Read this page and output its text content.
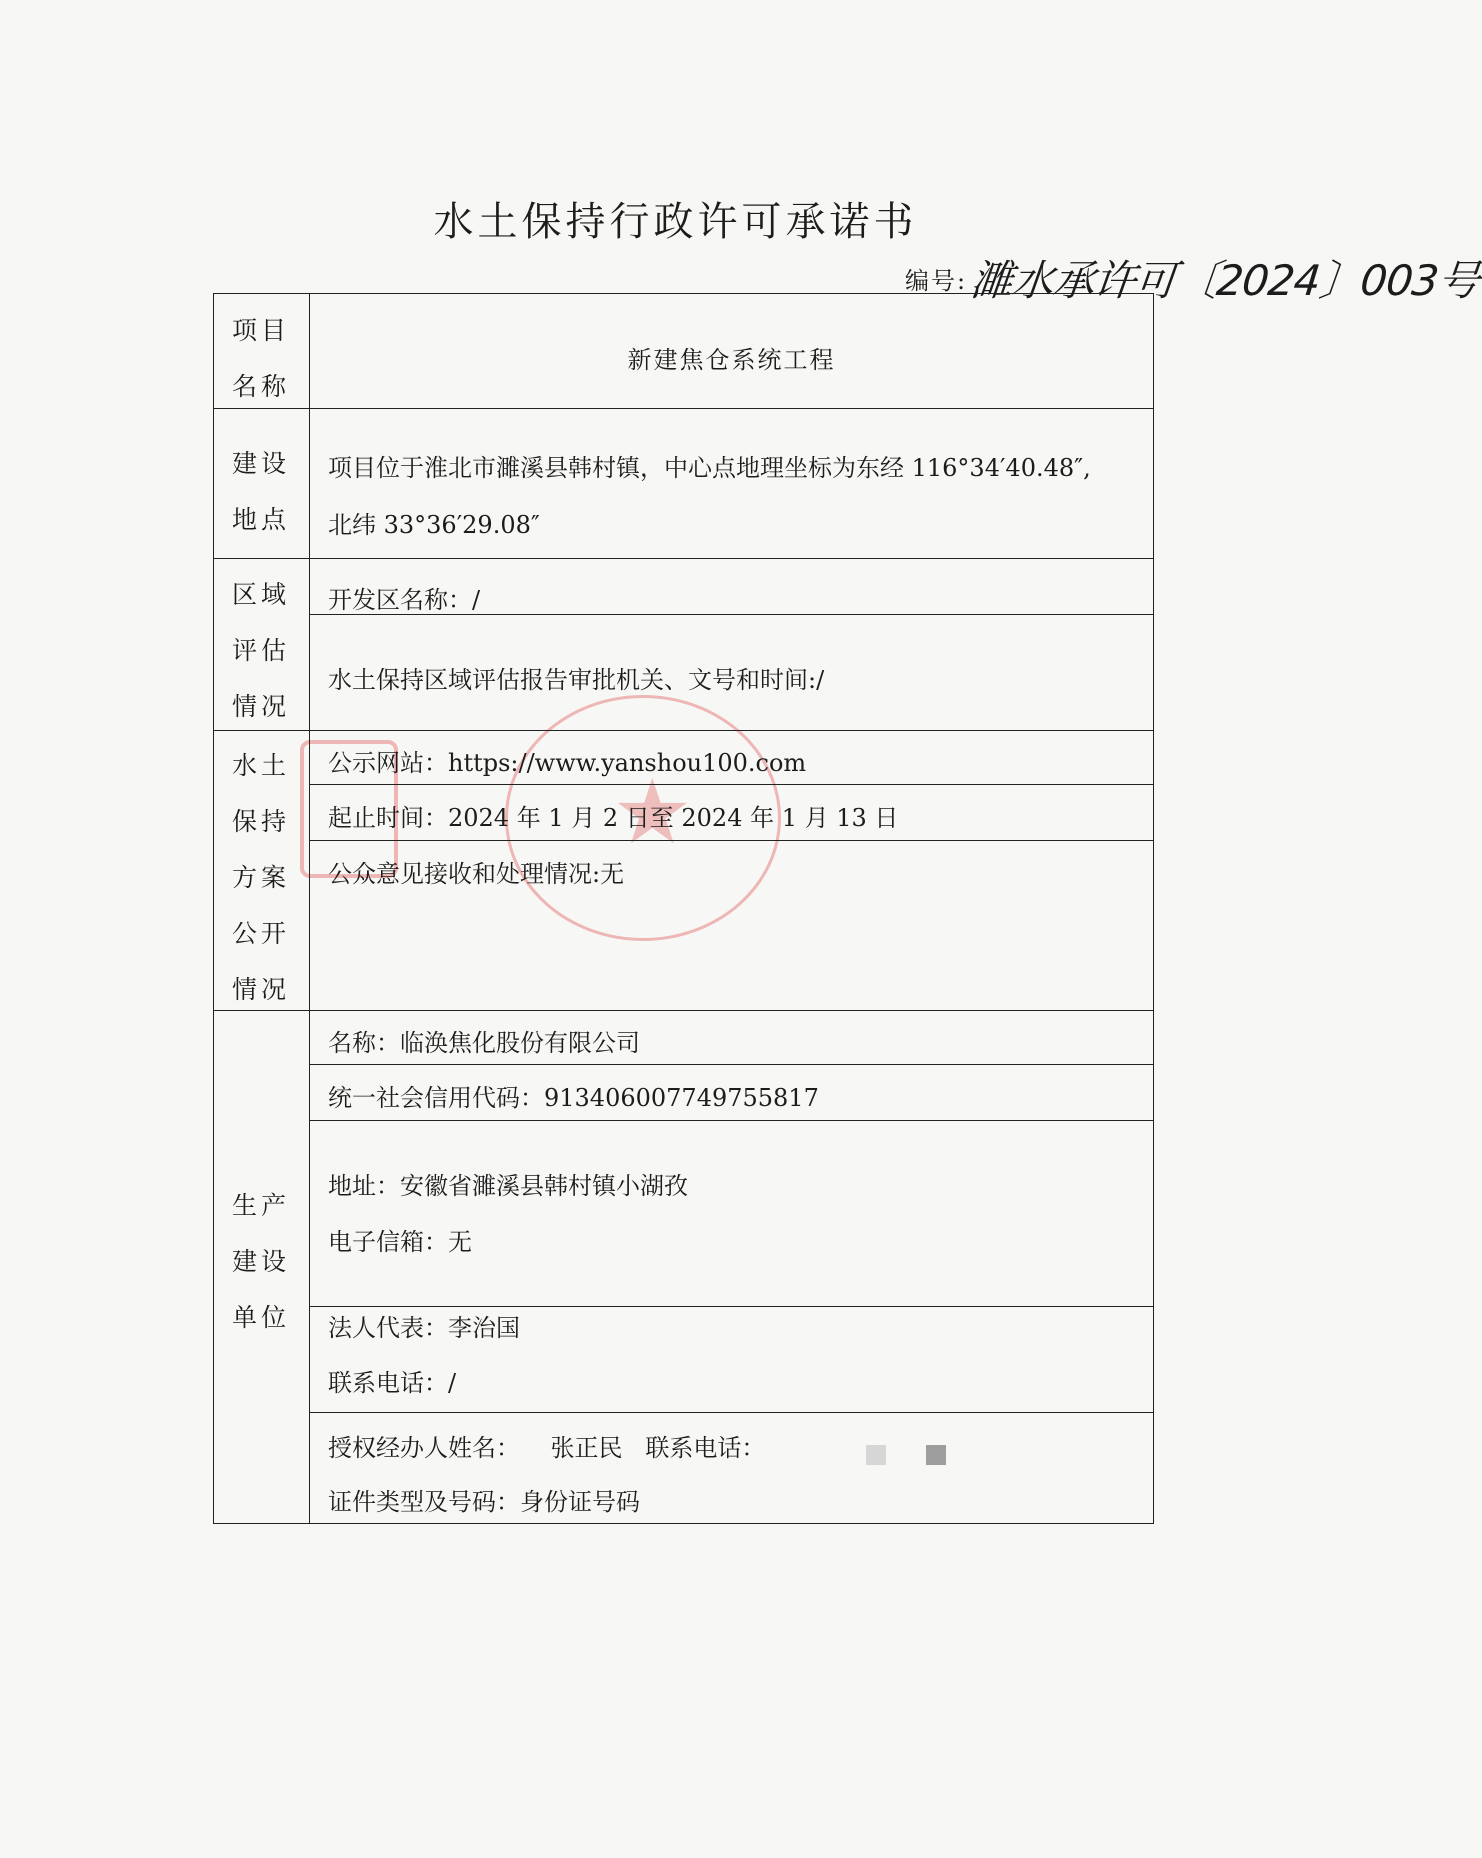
水土保持行政许可承诺书
编号:濉水承许可〔2024〕003号
★
项目名称
新建焦仓系统工程
建设地点
项目位于淮北市濉溪县韩村镇，中心点地理坐标为东经 116°34′40.48″,
北纬 33°36′29.08″
区域评估情况
开发区名称：/
水土保持区域评估报告审批机关、文号和时间:/
水土保持方案公开情况
公示网站：https://www.yanshou100.com
起止时间：2024 年 1 月 2 日至 2024 年 1 月 13 日
公众意见接收和处理情况:无
生产建设单位
名称：临涣焦化股份有限公司
统一社会信用代码：913406007749755817
地址：安徽省濉溪县韩村镇小湖孜
电子信箱：无
法人代表：李治国
联系电话：/
授权经办人姓名：    张正民   联系电话：
证件类型及号码：身份证号码
